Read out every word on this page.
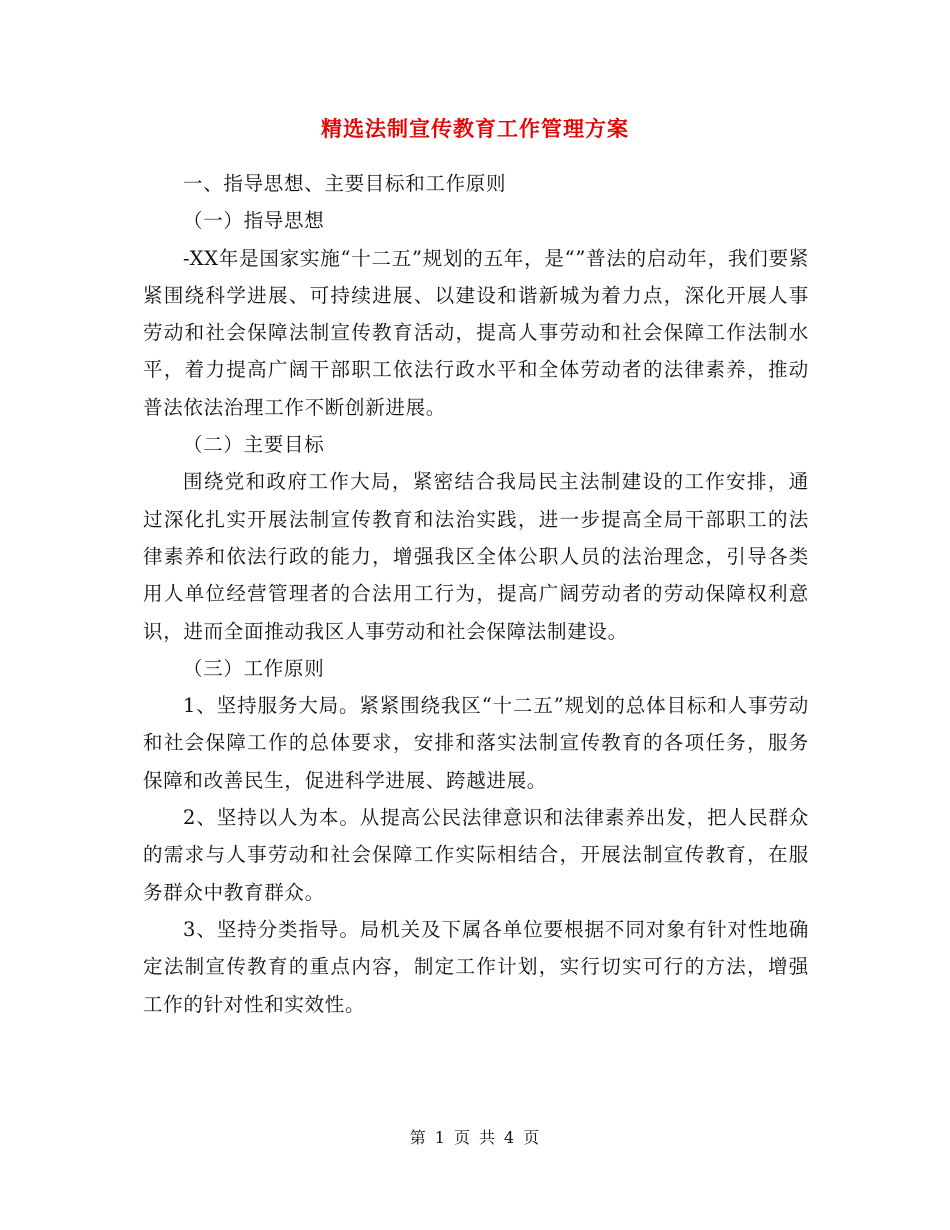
精选法制宣传教育工作管理方案

一、指导思想、主要目标和工作原则

（一）指导思想

-XX年是国家实施“十二五”规划的五年，是“”普法的启动年，我们要紧紧围绕科学进展、可持续进展、以建设和谐新城为着力点，深化开展人事劳动和社会保障法制宣传教育活动，提高人事劳动和社会保障工作法制水平，着力提高广阔干部职工依法行政水平和全体劳动者的法律素养，推动普法依法治理工作不断创新进展。

（二）主要目标

围绕党和政府工作大局，紧密结合我局民主法制建设的工作安排，通过深化扎实开展法制宣传教育和法治实践，进一步提高全局干部职工的法律素养和依法行政的能力，增强我区全体公职人员的法治理念，引导各类用人单位经营管理者的合法用工行为，提高广阔劳动者的劳动保障权利意识，进而全面推动我区人事劳动和社会保障法制建设。

（三）工作原则

1、坚持服务大局。紧紧围绕我区“十二五”规划的总体目标和人事劳动和社会保障工作的总体要求，安排和落实法制宣传教育的各项任务，服务保障和改善民生，促进科学进展、跨越进展。

2、坚持以人为本。从提高公民法律意识和法律素养出发，把人民群众的需求与人事劳动和社会保障工作实际相结合，开展法制宣传教育，在服务群众中教育群众。

3、坚持分类指导。局机关及下属各单位要根据不同对象有针对性地确定法制宣传教育的重点内容，制定工作计划，实行切实可行的方法，增强工作的针对性和实效性。

第 1 页 共 4 页
